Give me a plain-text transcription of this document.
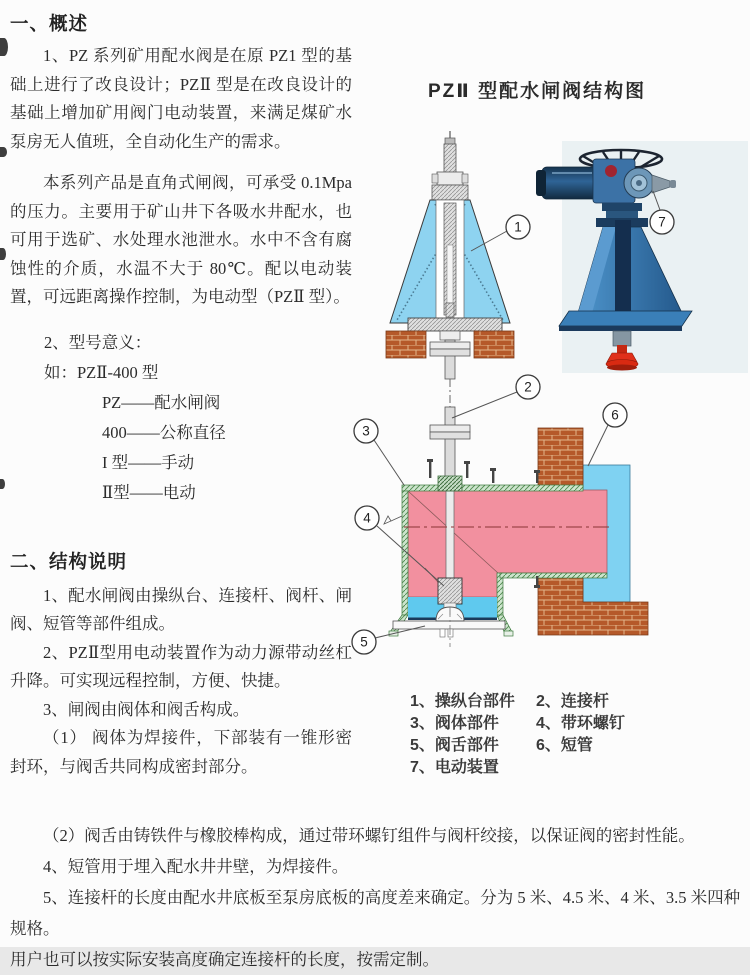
一、概述

1、PZ 系列矿用配水阀是在原 PZ1 型的基础上进行了改良设计；PZⅡ 型是在改良设计的基础上增加矿用阀门电动装置，来满足煤矿水泵房无人值班，全自动化生产的需求。

本系列产品是直角式闸阀，可承受 0.1Mpa 的压力。主要用于矿山井下各吸水井配水，也可用于选矿、水处理水池泄水。水中不含有腐蚀性的介质，水温不大于 80℃。配以电动装置，可远距离操作控制，为电动型（PZⅡ 型）。

2、型号意义：
如：PZⅡ-400 型
PZ——配水闸阀
400——公称直径
I 型——手动
Ⅱ型——电动
二、结构说明

1、配水闸阀由操纵台、连接杆、阀杆、闸阀、短管等部件组成。

2、PZⅡ型用电动装置作为动力源带动丝杠升降。可实现远程控制，方便、快捷。

3、闸阀由阀体和阀舌构成。

（1） 阀体为焊接件，下部装有一锥形密封环，与阀舌共同构成密封部分。

（2）阀舌由铸铁件与橡胶棒构成，通过带环螺钉组件与阀杆绞接，以保证阀的密封性能。

4、短管用于埋入配水井井壁，为焊接件。

5、连接杆的长度由配水井底板至泵房底板的高度差来确定。分为 5 米、4.5 米、4 米、3.5 米四种规格。

用户也可以按实际安装高度确定连接杆的长度，按需定制。

PZⅡ 型配水闸阀结构图
1
2
3
4
5
6
7
1、操纵台部件	2、连接杆
3、阀体部件	4、带环螺钉
5、阀舌部件	6、短管
7、电动装置
